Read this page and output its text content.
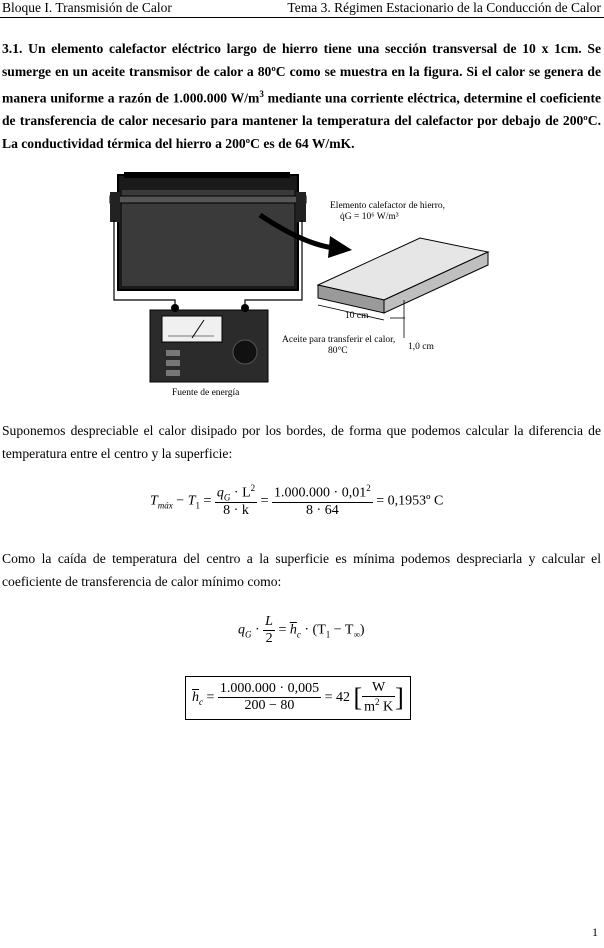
Bloque I. Transmisión de Calor	Tema 3. Régimen Estacionario de la Conducción de Calor
3.1. Un elemento calefactor eléctrico largo de hierro tiene una sección transversal de 10 x 1cm. Se sumerge en un aceite transmisor de calor a 80ºC como se muestra en la figura. Si el calor se genera de manera uniforme a razón de 1.000.000 $W/m^3$ mediante una corriente eléctrica, determine el coeficiente de transferencia de calor necesario para mantener la temperatura del calefactor por debajo de 200ºC. La conductividad térmica del hierro a 200ºC es de 64 W/mK.
Elemento calefactor de hierro,
q̇G = 10⁶ W/m³
10 cm
Aceite para transferir el calor,
80°C	1,0 cm
Fuente de energía
Suponemos despreciable el calor disipado por los bordes, de forma que podemos calcular la diferencia de temperatura entre el centro y la superficie:
$T_{máx} - T_1 = \frac{q_G \cdot L^2}{8 \cdot k} = \frac{1.000.000 \cdot 0,01^2}{8 \cdot 64}$ = 0,1953º C
Como la caída de temperatura del centro a la superficie es mínima podemos despreciarla y calcular el coeficiente de transferencia de calor mínimo como:
$q_G \cdot \frac{L}{2} = \overline{h}_c \cdot (T_1 - T_\infty)$
$\overline{h}_c = \frac{1.000.000 \cdot 0,005}{200 - 80} = 42$ [ $\frac{W}{m^2 K}$ ]
1
